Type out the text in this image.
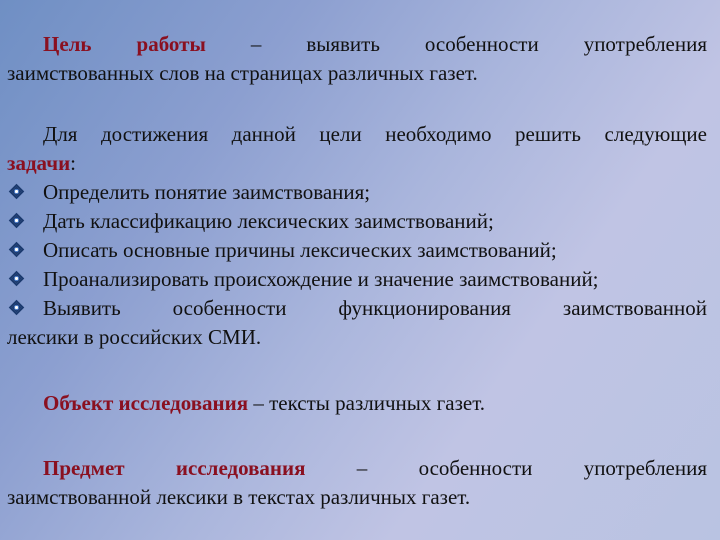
Цель работы – выявить особенности употребления

заимствованных слов на страницах различных газет.

Для достижения данной цели необходимо решить следующие

задачи:

Определить понятие заимствования;
Дать классификацию лексических заимствований;
Описать основные причины лексических заимствований;
Проанализировать происхождение и значение заимствований;

Выявить особенности функционирования заимствованной

лексики в российских СМИ.

Объект исследования – тексты различных газет.

Предмет исследования – особенности употребления

заимствованной лексики в текстах различных газет.
